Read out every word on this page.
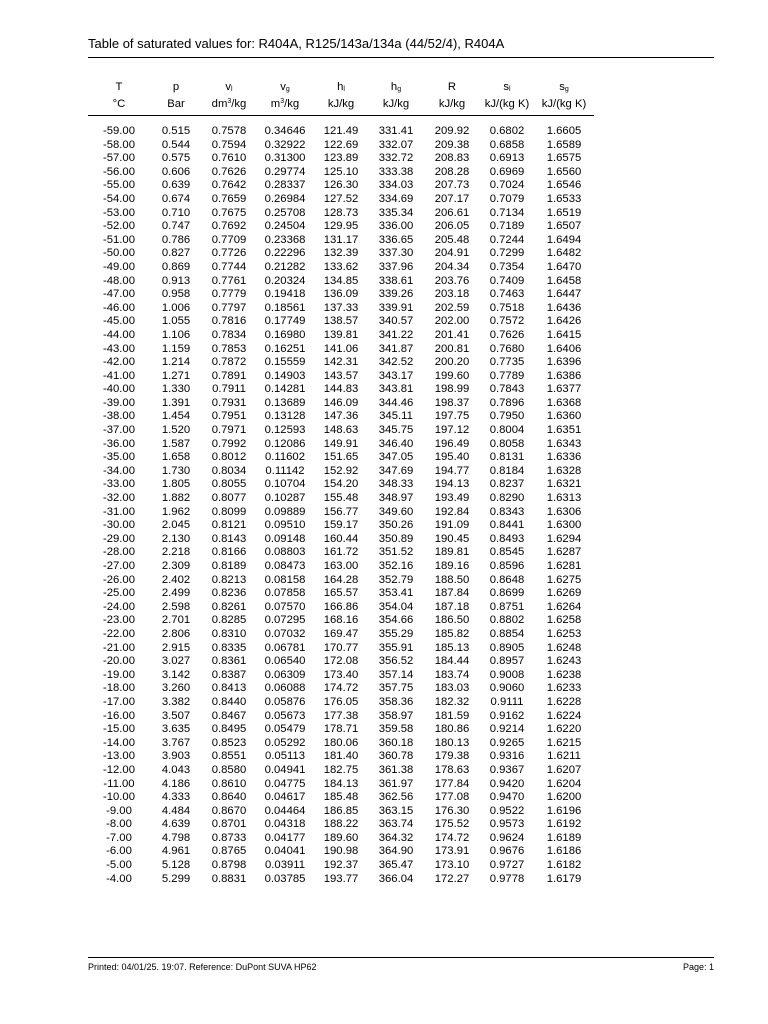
Table of saturated values for: R404A, R125/143a/134a (44/52/4), R404A
T	p	$v_l$	$v_g$	$h_l$	$h_g$	R	$s_l$	$s_g$
°C	Bar	$dm^3/kg$	$m^3/kg$	kJ/kg	kJ/kg	kJ/kg	kJ/(kg K)	kJ/(kg K)
-59.00	0.515	0.7578	0.34646	121.49	331.41	209.92	0.6802	1.6605
-58.00	0.544	0.7594	0.32922	122.69	332.07	209.38	0.6858	1.6589
-57.00	0.575	0.7610	0.31300	123.89	332.72	208.83	0.6913	1.6575
-56.00	0.606	0.7626	0.29774	125.10	333.38	208.28	0.6969	1.6560
-55.00	0.639	0.7642	0.28337	126.30	334.03	207.73	0.7024	1.6546
-54.00	0.674	0.7659	0.26984	127.52	334.69	207.17	0.7079	1.6533
-53.00	0.710	0.7675	0.25708	128.73	335.34	206.61	0.7134	1.6519
-52.00	0.747	0.7692	0.24504	129.95	336.00	206.05	0.7189	1.6507
-51.00	0.786	0.7709	0.23368	131.17	336.65	205.48	0.7244	1.6494
-50.00	0.827	0.7726	0.22296	132.39	337.30	204.91	0.7299	1.6482
-49.00	0.869	0.7744	0.21282	133.62	337.96	204.34	0.7354	1.6470
-48.00	0.913	0.7761	0.20324	134.85	338.61	203.76	0.7409	1.6458
-47.00	0.958	0.7779	0.19418	136.09	339.26	203.18	0.7463	1.6447
-46.00	1.006	0.7797	0.18561	137.33	339.91	202.59	0.7518	1.6436
-45.00	1.055	0.7816	0.17749	138.57	340.57	202.00	0.7572	1.6426
-44.00	1.106	0.7834	0.16980	139.81	341.22	201.41	0.7626	1.6415
-43.00	1.159	0.7853	0.16251	141.06	341.87	200.81	0.7680	1.6406
-42.00	1.214	0.7872	0.15559	142.31	342.52	200.20	0.7735	1.6396
-41.00	1.271	0.7891	0.14903	143.57	343.17	199.60	0.7789	1.6386
-40.00	1.330	0.7911	0.14281	144.83	343.81	198.99	0.7843	1.6377
-39.00	1.391	0.7931	0.13689	146.09	344.46	198.37	0.7896	1.6368
-38.00	1.454	0.7951	0.13128	147.36	345.11	197.75	0.7950	1.6360
-37.00	1.520	0.7971	0.12593	148.63	345.75	197.12	0.8004	1.6351
-36.00	1.587	0.7992	0.12086	149.91	346.40	196.49	0.8058	1.6343
-35.00	1.658	0.8012	0.11602	151.65	347.05	195.40	0.8131	1.6336
-34.00	1.730	0.8034	0.11142	152.92	347.69	194.77	0.8184	1.6328
-33.00	1.805	0.8055	0.10704	154.20	348.33	194.13	0.8237	1.6321
-32.00	1.882	0.8077	0.10287	155.48	348.97	193.49	0.8290	1.6313
-31.00	1.962	0.8099	0.09889	156.77	349.60	192.84	0.8343	1.6306
-30.00	2.045	0.8121	0.09510	159.17	350.26	191.09	0.8441	1.6300
-29.00	2.130	0.8143	0.09148	160.44	350.89	190.45	0.8493	1.6294
-28.00	2.218	0.8166	0.08803	161.72	351.52	189.81	0.8545	1.6287
-27.00	2.309	0.8189	0.08473	163.00	352.16	189.16	0.8596	1.6281
-26.00	2.402	0.8213	0.08158	164.28	352.79	188.50	0.8648	1.6275
-25.00	2.499	0.8236	0.07858	165.57	353.41	187.84	0.8699	1.6269
-24.00	2.598	0.8261	0.07570	166.86	354.04	187.18	0.8751	1.6264
-23.00	2.701	0.8285	0.07295	168.16	354.66	186.50	0.8802	1.6258
-22.00	2.806	0.8310	0.07032	169.47	355.29	185.82	0.8854	1.6253
-21.00	2.915	0.8335	0.06781	170.77	355.91	185.13	0.8905	1.6248
-20.00	3.027	0.8361	0.06540	172.08	356.52	184.44	0.8957	1.6243
-19.00	3.142	0.8387	0.06309	173.40	357.14	183.74	0.9008	1.6238
-18.00	3.260	0.8413	0.06088	174.72	357.75	183.03	0.9060	1.6233
-17.00	3.382	0.8440	0.05876	176.05	358.36	182.32	0.9111	1.6228
-16.00	3.507	0.8467	0.05673	177.38	358.97	181.59	0.9162	1.6224
-15.00	3.635	0.8495	0.05479	178.71	359.58	180.86	0.9214	1.6220
-14.00	3.767	0.8523	0.05292	180.06	360.18	180.13	0.9265	1.6215
-13.00	3.903	0.8551	0.05113	181.40	360.78	179.38	0.9316	1.6211
-12.00	4.043	0.8580	0.04941	182.75	361.38	178.63	0.9367	1.6207
-11.00	4.186	0.8610	0.04775	184.13	361.97	177.84	0.9420	1.6204
-10.00	4.333	0.8640	0.04617	185.48	362.56	177.08	0.9470	1.6200
-9.00	4.484	0.8670	0.04464	186.85	363.15	176.30	0.9522	1.6196
-8.00	4.639	0.8701	0.04318	188.22	363.74	175.52	0.9573	1.6192
-7.00	4.798	0.8733	0.04177	189.60	364.32	174.72	0.9624	1.6189
-6.00	4.961	0.8765	0.04041	190.98	364.90	173.91	0.9676	1.6186
-5.00	5.128	0.8798	0.03911	192.37	365.47	173.10	0.9727	1.6182
-4.00	5.299	0.8831	0.03785	193.77	366.04	172.27	0.9778	1.6179
Printed: 04/01/25. 19:07. Reference: DuPont SUVA HP62	Page: 1
